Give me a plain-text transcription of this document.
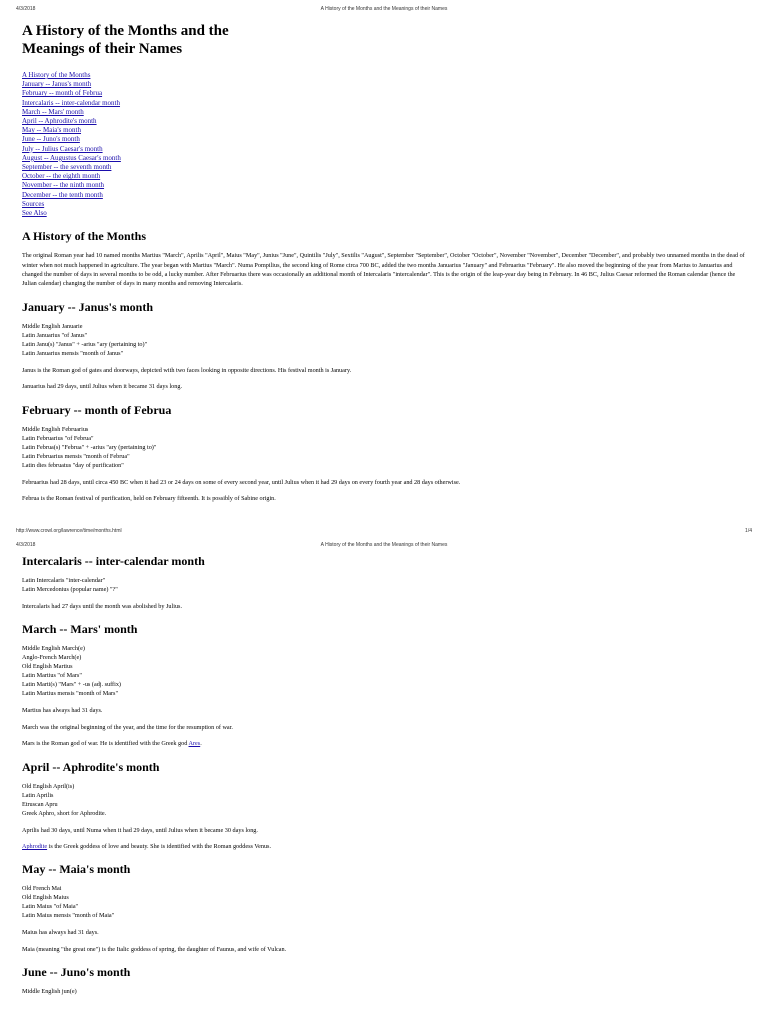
4/3/2018	A History of the Months and the Meanings of their Names
A History of the Months and the Meanings of their Names
A History of the Months
January -- Janus's month
February -- month of Februa
Intercalaris -- inter-calendar month
March -- Mars' month
April -- Aphrodite's month
May -- Maia's month
June -- Juno's month
July -- Julius Caesar's month
August -- Augustus Caesar's month
September -- the seventh month
October -- the eighth month
November -- the ninth month
December -- the tenth month
Sources
See Also
A History of the Months

The original Roman year had 10 named months Martius "March", Aprilis "April", Maius "May", Junius "June", Quintilis "July", Sextilis "August", September "September", October "October", November "November", December "December", and probably two unnamed months in the dead of winter when not much happened in agriculture. The year began with Martius "March". Numa Pompilius, the second king of Rome circa 700 BC, added the two months Januarius "January" and Februarius "February". He also moved the beginning of the year from Marius to Januarius and changed the number of days in several months to be odd, a lucky number. After Februarius there was occasionally an additional month of Intercalaris "intercalendar". This is the origin of the leap-year day being in February. In 46 BC, Julius Caesar reformed the Roman calendar (hence the Julian calendar) changing the number of days in many months and removing Intercalaris.

January -- Janus's month
Middle English Januarie
Latin Januarius "of Janus"
Latin Janu(s) "Janus" + -arius "ary (pertaining to)"
Latin Januarius mensis "month of Janus"

Janus is the Roman god of gates and doorways, depicted with two faces looking in opposite directions. His festival month is January.

Januarius had 29 days, until Julius when it became 31 days long.

February -- month of Februa
Middle English Februarius
Latin Februarius "of Februa"
Latin Februa(s) "Februa" + -arius "ary (pertaining to)"
Latin Februarius mensis "month of Februa"
Latin dies februatus "day of purification"

Februarius had 28 days, until circa 450 BC when it had 23 or 24 days on some of every second year, until Julius when it had 29 days on every fourth year and 28 days otherwise.

Februa is the Roman festival of purification, held on February fifteenth. It is possibly of Sabine origin.

http://www.crowl.org/lawrence/time/months.html	1/4
4/3/2018	A History of the Months and the Meanings of their Names
Intercalaris -- inter-calendar month
Latin Intercalaris "inter-calendar"
Latin Mercedonius (popular name) "?"

Intercalaris had 27 days until the month was abolished by Julius.

March -- Mars' month
Middle English March(e)
Anglo-French March(e)
Old English Martius
Latin Martius "of Mars"
Latin Marti(s) "Mars" + -us (adj. suffix)
Latin Martius mensis "month of Mars"

Martius has always had 31 days.

March was the original beginning of the year, and the time for the resumption of war.

Mars is the Roman god of war. He is identified with the Greek god Ares.

April -- Aphrodite's month
Old English April(is)
Latin Aprilis
Etruscan Apru
Greek Aphro, short for Aphrodite.

Aprilis had 30 days, until Numa when it had 29 days, until Julius when it became 30 days long.

Aphrodite is the Greek goddess of love and beauty. She is identified with the Roman goddess Venus.

May -- Maia's month
Old French Mai
Old English Maius
Latin Maius "of Maia"
Latin Maius mensis "month of Maia"

Maius has always had 31 days.

Maia (meaning "the great one") is the Italic goddess of spring, the daughter of Faunus, and wife of Vulcan.

June -- Juno's month
Middle English jun(e)
